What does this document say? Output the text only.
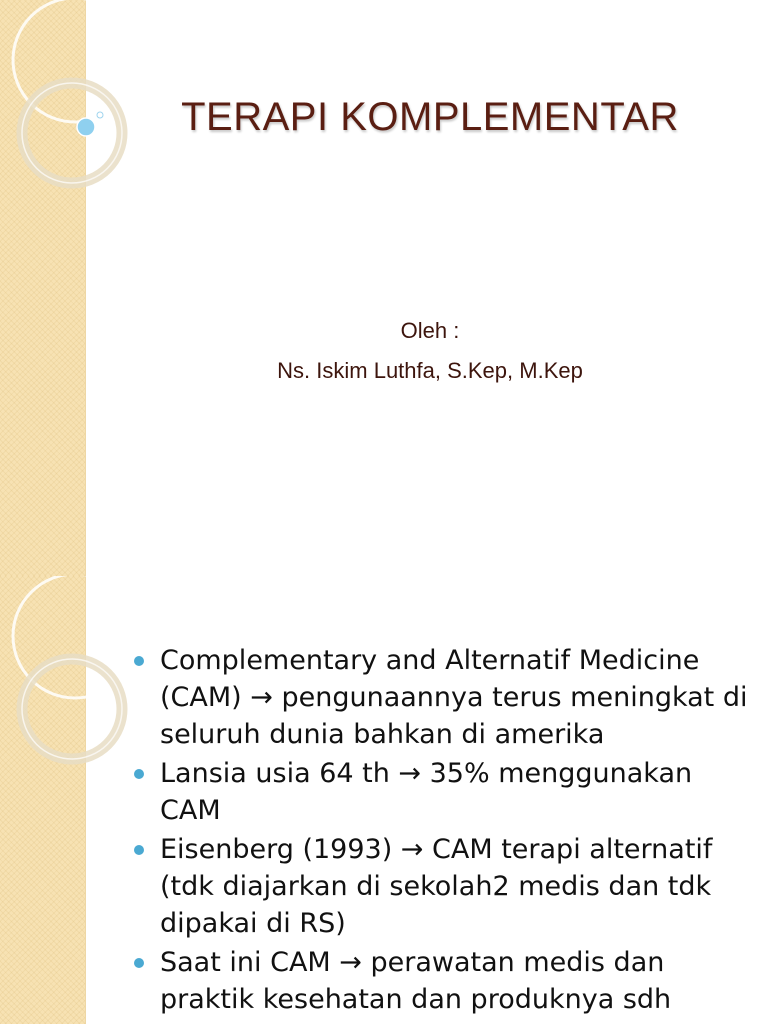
TERAPI KOMPLEMENTAR
Oleh :
Ns. Iskim Luthfa, S.Kep, M.Kep
Complementary and Alternatif Medicine (CAM) → pengunaannya terus meningkat di seluruh dunia bahkan di amerika
Lansia usia 64 th → 35% menggunakan CAM
Eisenberg (1993) → CAM terapi alternatif (tdk diajarkan di sekolah2 medis dan tdk dipakai di RS)
Saat ini CAM → perawatan medis dan praktik kesehatan dan produknya sdh
